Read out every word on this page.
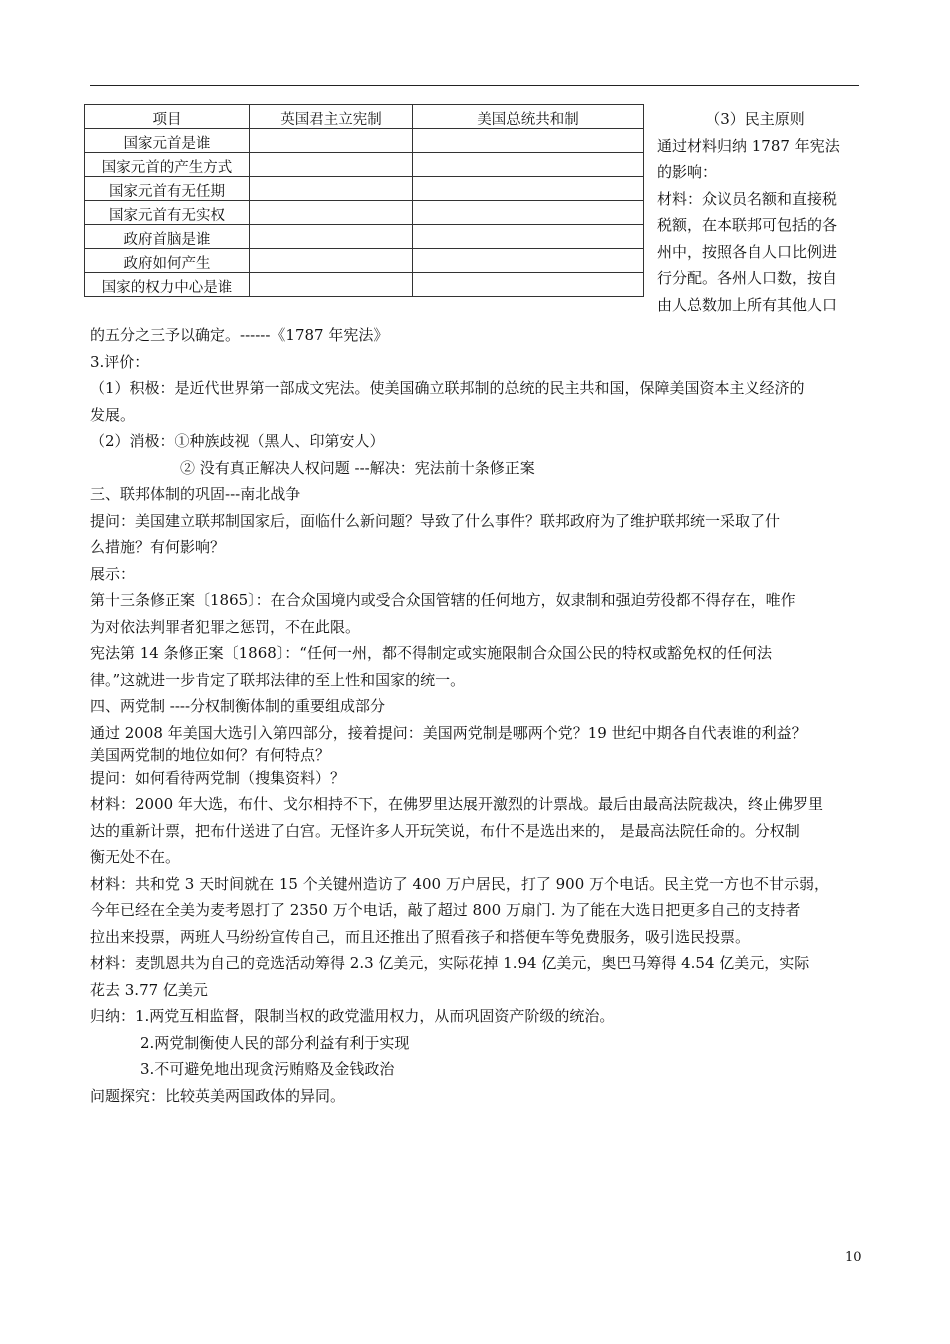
项目	英国君主立宪制	美国总统共和制
国家元首是谁		
国家元首的产生方式		
国家元首有无任期		
国家元首有无实权		
政府首脑是谁		
政府如何产生		
国家的权力中心是谁		

（3）民主原则

通过材料归纳 1787 年宪法

的影响：

材料：众议员名额和直接税

税额，在本联邦可包括的各

州中，按照各自人口比例进

行分配。各州人口数，按自

由人总数加上所有其他人口

的五分之三予以确定。------《1787 年宪法》

3.评价：

（1）积极：是近代世界第一部成文宪法。使美国确立联邦制的总统的民主共和国，保障美国资本主义经济的

发展。

（2）消极：①种族歧视（黑人、印第安人）

② 没有真正解决人权问题 ---解决：宪法前十条修正案

三、联邦体制的巩固---南北战争

提问：美国建立联邦制国家后，面临什么新问题？导致了什么事件？联邦政府为了维护联邦统一采取了什

么措施？有何影响？

展示：

第十三条修正案〔1865〕：在合众国境内或受合众国管辖的任何地方，奴隶制和强迫劳役都不得存在，唯作

为对依法判罪者犯罪之惩罚，不在此限。

宪法第 14 条修正案〔1868〕：“任何一州，都不得制定或实施限制合众国公民的特权或豁免权的任何法

律。”这就进一步肯定了联邦法律的至上性和国家的统一。

四、两党制 ----分权制衡体制的重要组成部分

通过 2008 年美国大选引入第四部分，接着提问：美国两党制是哪两个党？19 世纪中期各自代表谁的利益？

美国两党制的地位如何？有何特点？

提问：如何看待两党制（搜集资料）？

材料：2000 年大选，布什、戈尔相持不下，在佛罗里达展开激烈的计票战。最后由最高法院裁决，终止佛罗里

达的重新计票，把布什送进了白宫。无怪许多人开玩笑说，布什不是选出来的， 是最高法院任命的。分权制

衡无处不在。

材料：共和党 3 天时间就在 15 个关键州造访了 400 万户居民，打了 900 万个电话。民主党一方也不甘示弱，

今年已经在全美为麦考恩打了 2350 万个电话，敲了超过 800 万扇门. 为了能在大选日把更多自己的支持者

拉出来投票，两班人马纷纷宣传自己，而且还推出了照看孩子和搭便车等免费服务，吸引选民投票。

材料：麦凯恩共为自己的竞选活动筹得 2.3 亿美元，实际花掉 1.94 亿美元，奥巴马筹得 4.54 亿美元，实际

花去 3.77 亿美元

归纳：1.两党互相监督，限制当权的政党滥用权力，从而巩固资产阶级的统治。

2.两党制衡使人民的部分利益有利于实现

3.不可避免地出现贪污贿赂及金钱政治

问题探究：比较英美两国政体的异同。

10
